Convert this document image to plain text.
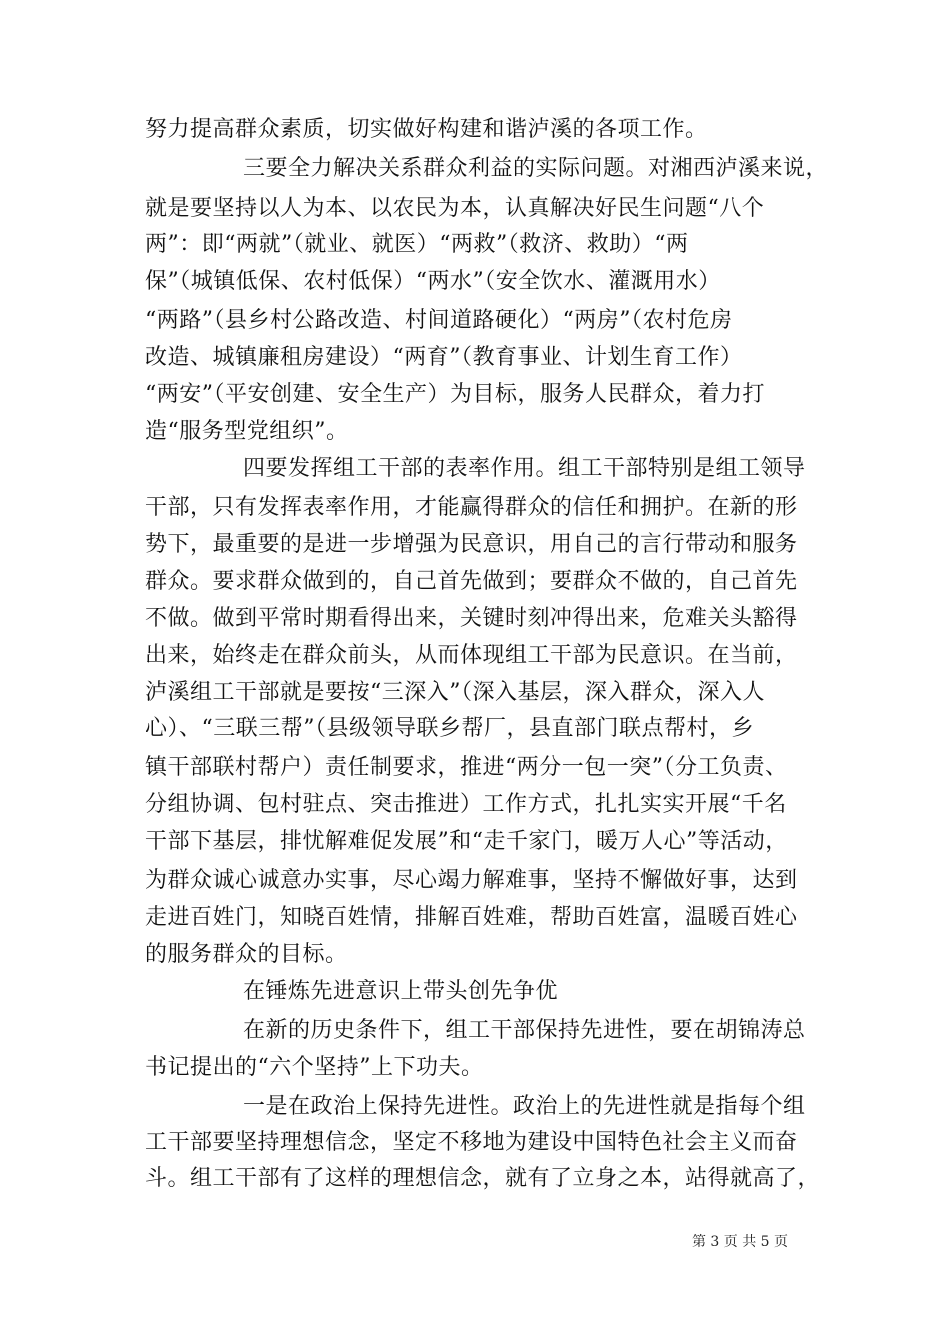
努力提高群众素质，切实做好构建和谐泸溪的各项工作。
三要全力解决关系群众利益的实际问题。对湘西泸溪来说，
就是要坚持以人为本、以农民为本，认真解决好民生问题“八个
两”：即“两就”（就业、就医）“两救”（救济、救助）“两
保”（城镇低保、农村低保）“两水”（安全饮水、灌溉用水）
“两路”（县乡村公路改造、村间道路硬化）“两房”（农村危房
改造、城镇廉租房建设）“两育”（教育事业、计划生育工作）
“两安”（平安创建、安全生产）为目标，服务人民群众，着力打
造“服务型党组织”。
四要发挥组工干部的表率作用。组工干部特别是组工领导
干部，只有发挥表率作用，才能赢得群众的信任和拥护。在新的形
势下，最重要的是进一步增强为民意识，用自己的言行带动和服务
群众。要求群众做到的，自己首先做到；要群众不做的，自己首先
不做。做到平常时期看得出来，关键时刻冲得出来，危难关头豁得
出来，始终走在群众前头，从而体现组工干部为民意识。在当前，
泸溪组工干部就是要按“三深入”（深入基层，深入群众，深入人
心）、“三联三帮”（县级领导联乡帮厂，县直部门联点帮村，乡
镇干部联村帮户）责任制要求，推进“两分一包一突”（分工负责、
分组协调、包村驻点、突击推进）工作方式，扎扎实实开展“千名
干部下基层，排忧解难促发展”和“走千家门，暖万人心”等活动，
为群众诚心诚意办实事，尽心竭力解难事，坚持不懈做好事，达到
走进百姓门，知晓百姓情，排解百姓难，帮助百姓富，温暖百姓心
的服务群众的目标。
在锤炼先进意识上带头创先争优
在新的历史条件下，组工干部保持先进性，要在胡锦涛总
书记提出的“六个坚持”上下功夫。
一是在政治上保持先进性。政治上的先进性就是指每个组
工干部要坚持理想信念，坚定不移地为建设中国特色社会主义而奋
斗。组工干部有了这样的理想信念，就有了立身之本，站得就高了，
第 3 页 共 5 页
